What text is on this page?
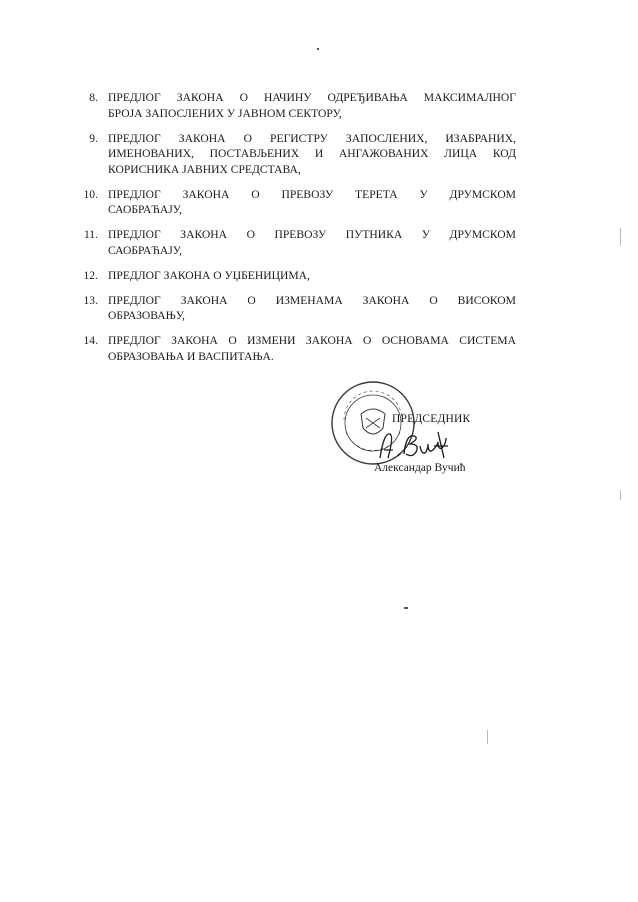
8. ПРЕДЛОГ ЗАКОНА О НАЧИНУ ОДРЕЂИВАЊА МАКСИМАЛНОГ
БРОЈА ЗАПОСЛЕНИХ У ЈАВНОМ СЕКТОРУ,
9. ПРЕДЛОГ ЗАКОНА О РЕГИСТРУ ЗАПОСЛЕНИХ, ИЗАБРАНИХ,
ИМЕНОВАНИХ, ПОСТАВЉЕНИХ И АНГАЖОВАНИХ ЛИЦА КОД
КОРИСНИКА ЈАВНИХ СРЕДСТАВА,
10. ПРЕДЛОГ ЗАКОНА О ПРЕВОЗУ ТЕРЕТА У ДРУМСКОМ
САОБРАЋАЈУ,
11. ПРЕДЛОГ ЗАКОНА О ПРЕВОЗУ ПУТНИКА У ДРУМСКОМ
САОБРАЋАЈУ,
12. ПРЕДЛОГ ЗАКОНА О УЏБЕНИЦИМА,
13. ПРЕДЛОГ ЗАКОНА О ИЗМЕНАМА ЗАКОНА О ВИСОКОМ
ОБРАЗОВАЊУ,
14. ПРЕДЛОГ ЗАКОНА О ИЗМЕНИ ЗАКОНА О ОСНОВАМА СИСТЕМА
ОБРАЗОВАЊА И ВАСПИТАЊА.
ПРЕДСЕДНИК
Александар Вучић
